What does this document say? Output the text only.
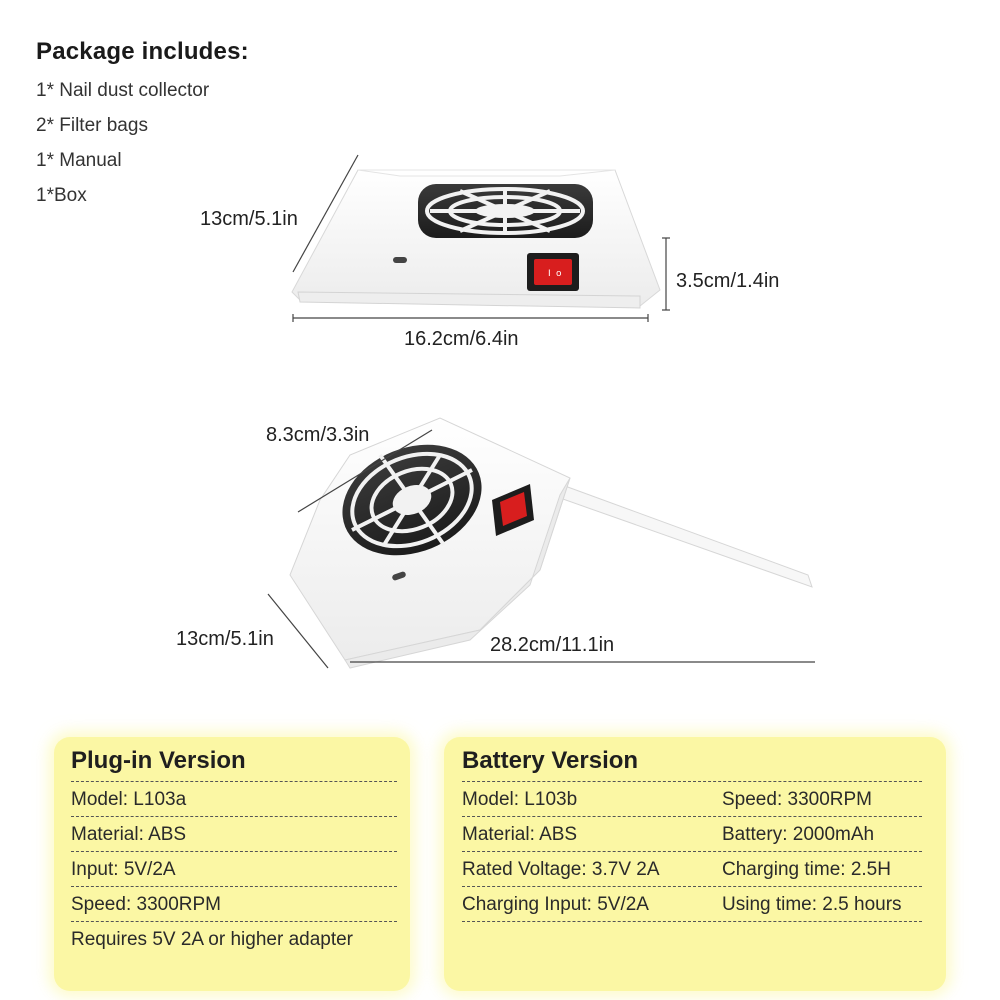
Package includes:
1* Nail dust collector
2* Filter bags
1* Manual
1*Box
I o
13cm/5.1in
3.5cm/1.4in
16.2cm/6.4in
8.3cm/3.3in
13cm/5.1in	28.2cm/11.1in
Plug-in Version
Model: L103a
Material: ABS
Input: 5V/2A
Speed: 3300RPM
Requires 5V 2A or higher adapter
Battery Version
Model: L103b	Speed: 3300RPM
Material: ABS	Battery: 2000mAh
Rated Voltage: 3.7V 2A	Charging time: 2.5H
Charging Input: 5V/2A	Using time: 2.5 hours
